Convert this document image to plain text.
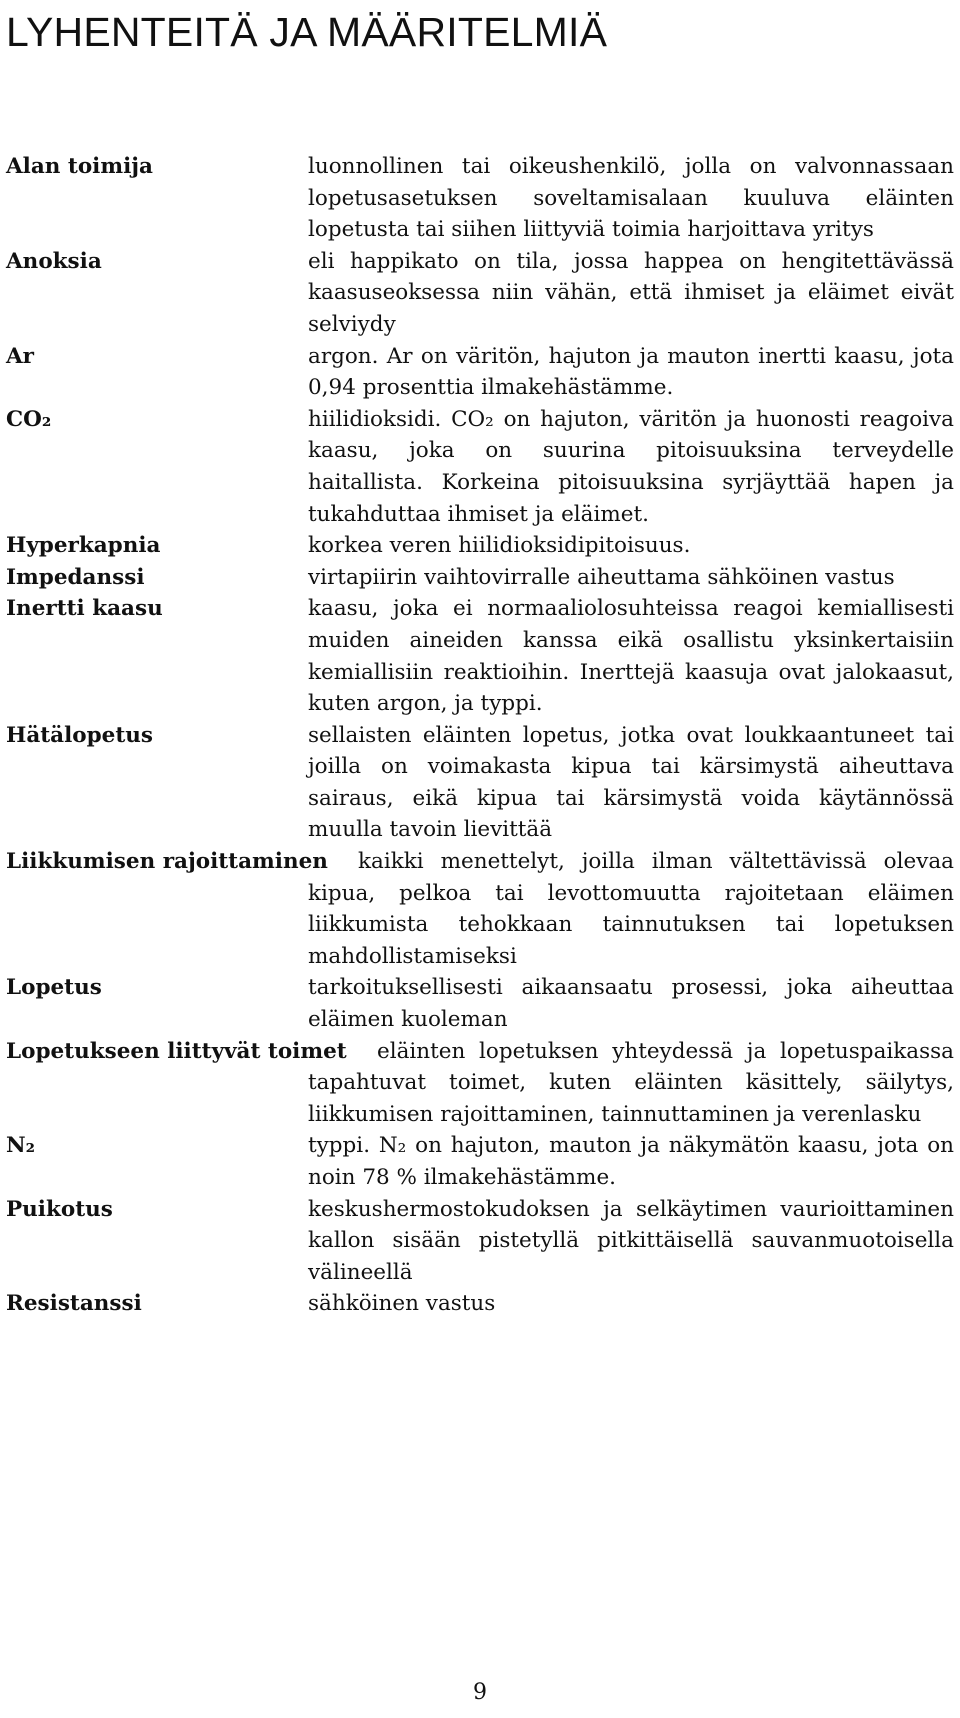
LYHENTEITÄ JA MÄÄRITELMIÄ
Alan toimija	luonnollinen tai oikeushenkilö, jolla on valvonnassaan lopetusasetuksen soveltamisalaan kuuluva eläinten lopetusta tai siihen liittyviä toimia harjoittava yritys
Anoksia	eli happikato on tila, jossa happea on hengitettävässä kaasuseoksessa niin vähän, että ihmiset ja eläimet eivät selviydy
Ar	argon. Ar on väritön, hajuton ja mauton inertti kaasu, jota 0,94 prosenttia ilmakehästämme.
CO₂	hiilidioksidi. CO₂ on hajuton, väritön ja huonosti reagoiva kaasu, joka on suurina pitoisuuksina terveydelle haitallista. Korkeina pitoisuuksina syrjäyttää hapen ja tukahduttaa ihmiset ja eläimet.
Hyperkapnia	korkea veren hiilidioksidipitoisuus.
Impedanssi	virtapiirin vaihtovirralle aiheuttama sähköinen vastus
Inertti kaasu	kaasu, joka ei normaaliolosuhteissa reagoi kemiallisesti muiden aineiden kanssa eikä osallistu yksinkertaisiin kemiallisiin reaktioihin. Inerttejä kaasuja ovat jalokaasut, kuten argon, ja typpi.
Hätälopetus	sellaisten eläinten lopetus, jotka ovat loukkaantuneet tai joilla on voimakasta kipua tai kärsimystä aiheuttava sairaus, eikä kipua tai kärsimystä voida käytännössä muulla tavoin lievittää
Liikkumisen rajoittaminen	kaikki menettelyt, joilla ilman vältettävissä olevaa kipua, pelkoa tai levottomuutta rajoitetaan eläimen liikkumista tehokkaan tainnutuksen tai lopetuksen mahdollistamiseksi
Lopetus	tarkoituksellisesti aikaansaatu prosessi, joka aiheuttaa eläimen kuoleman
Lopetukseen liittyvät toimet	eläinten lopetuksen yhteydessä ja lopetuspaikassa tapahtuvat toimet, kuten eläinten käsittely, säilytys, liikkumisen rajoittaminen, tainnuttaminen ja verenlasku
N₂	typpi. N₂ on hajuton, mauton ja näkymätön kaasu, jota on noin 78 % ilmakehästämme.
Puikotus	keskushermostokudoksen ja selkäytimen vaurioittaminen kallon sisään pistetyllä pitkittäisellä sauvanmuotoisella välineellä
Resistanssi	sähköinen vastus
9
